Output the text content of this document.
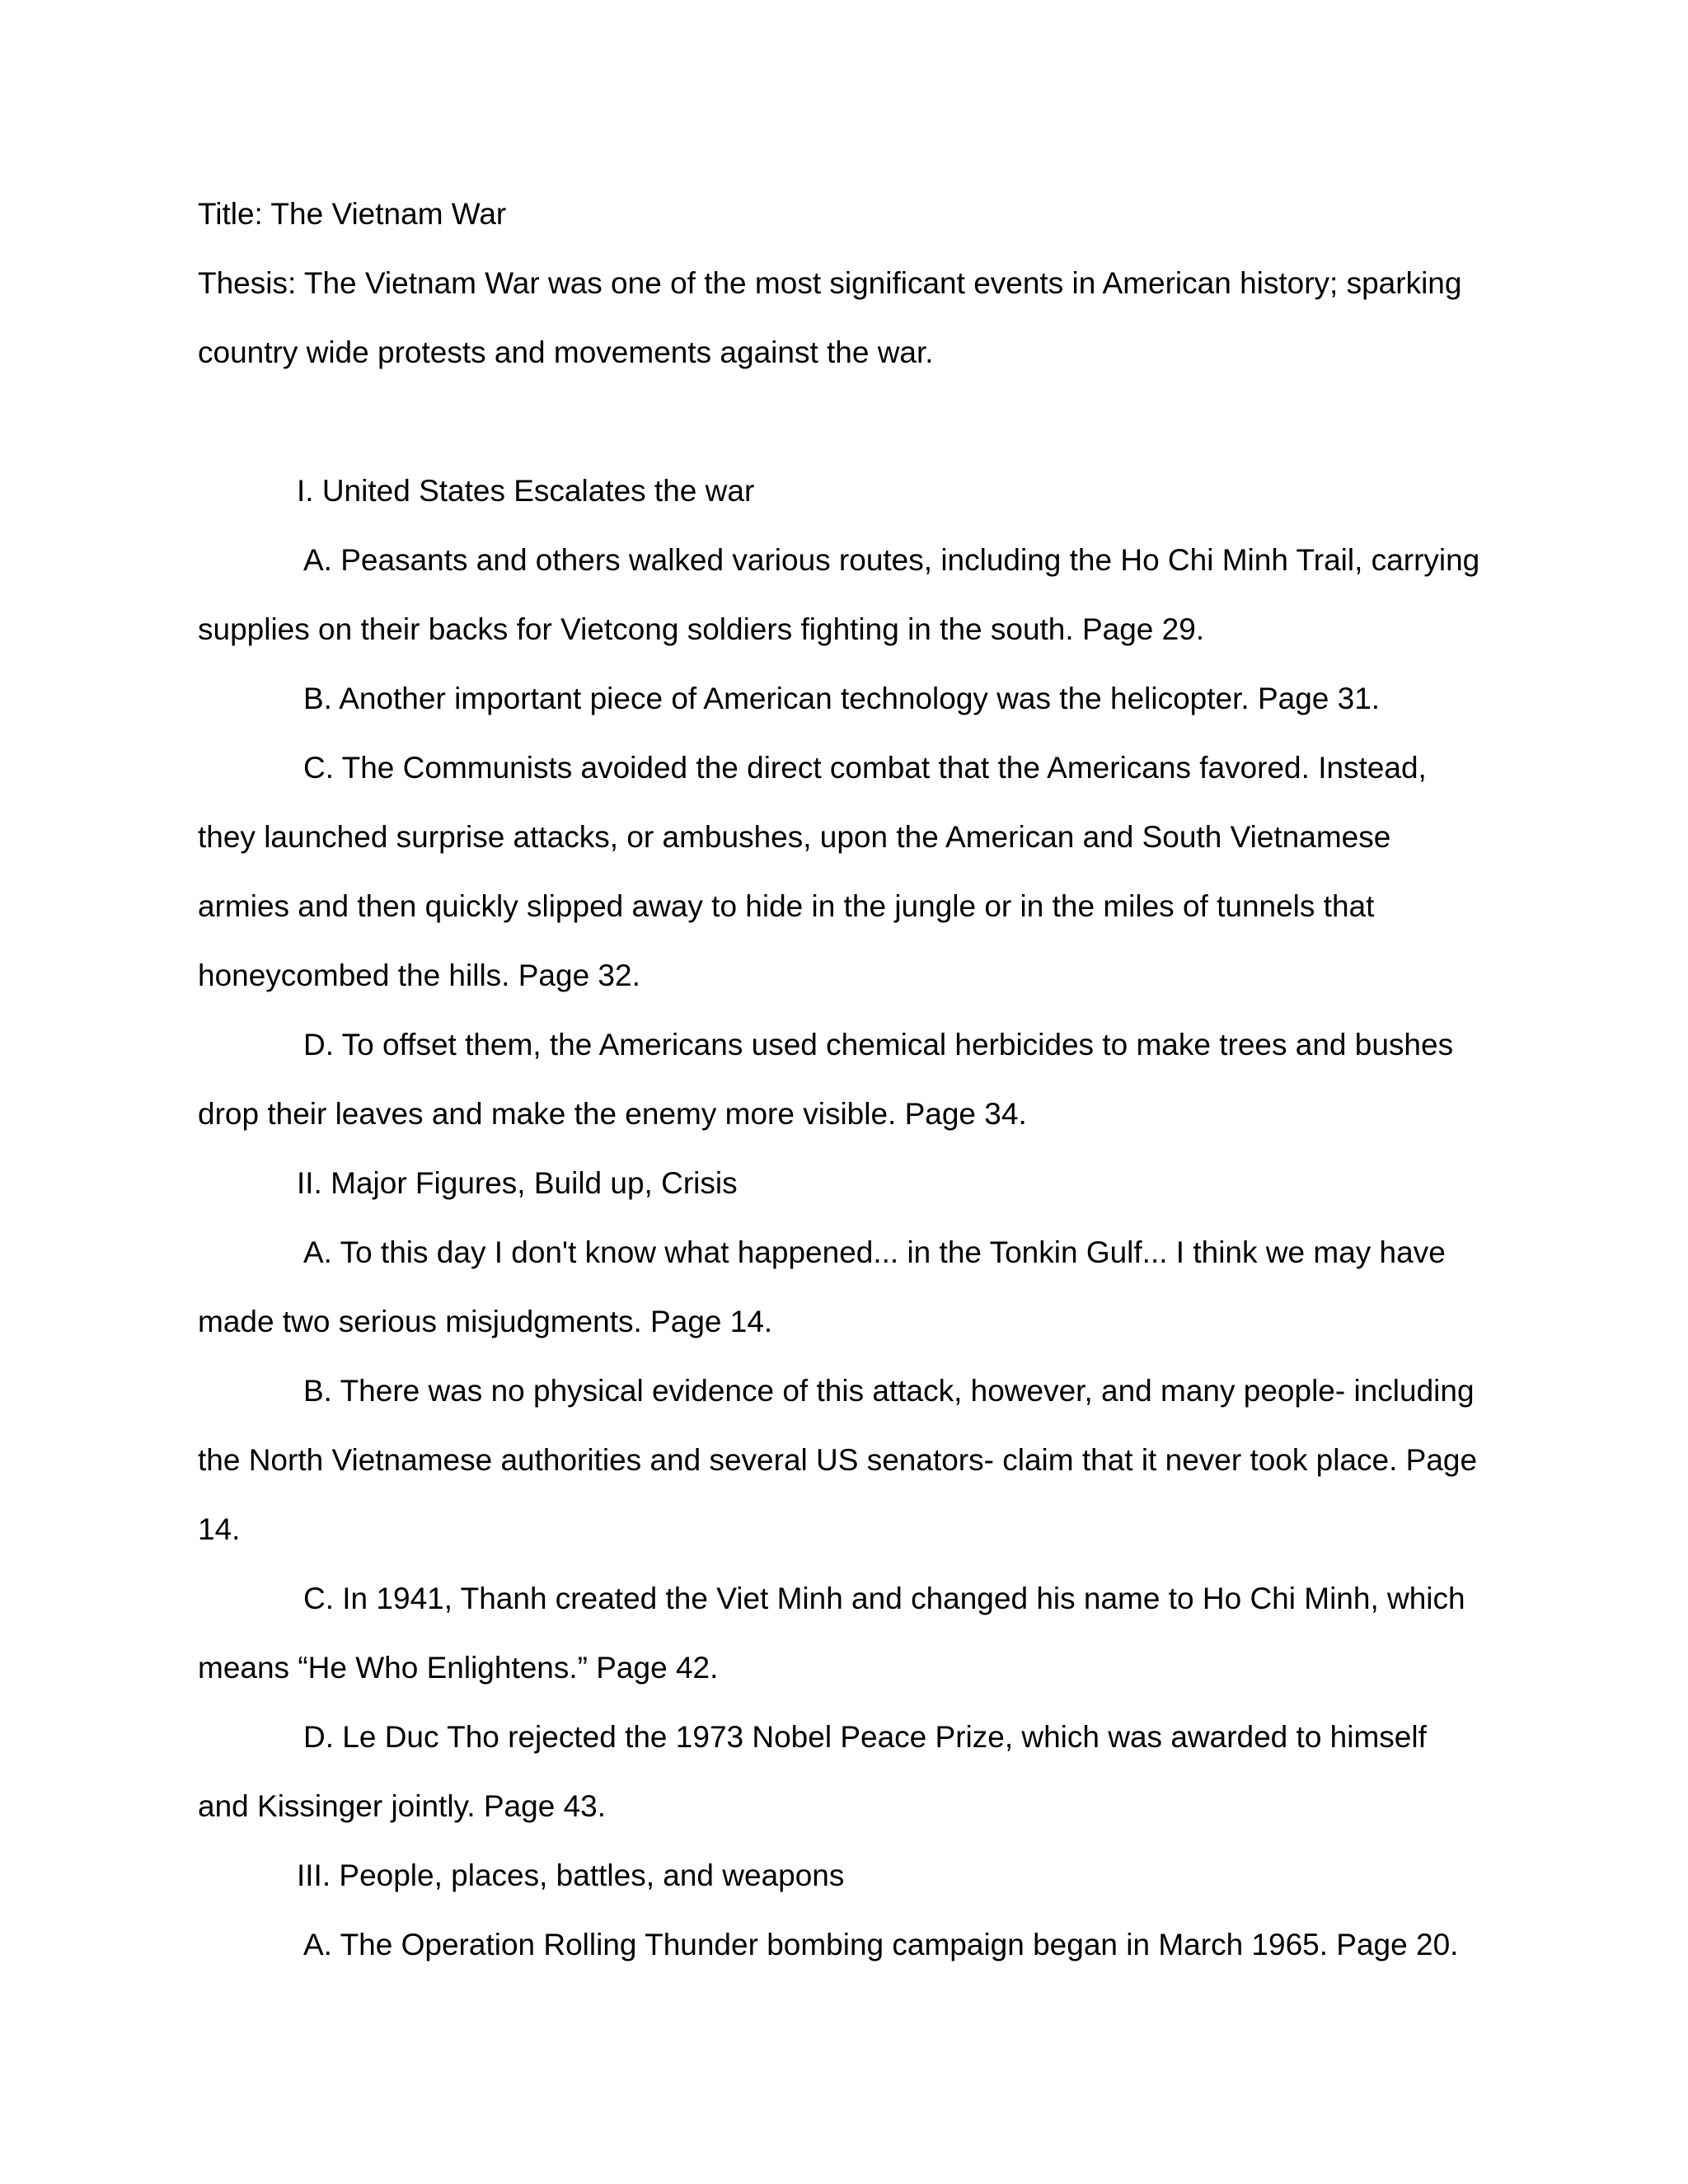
Title: The Vietnam War

Thesis: The Vietnam War was one of the most significant events in American history; sparking country wide protests and movements against the war.

I. United States Escalates the war

A. Peasants and others walked various routes, including the Ho Chi Minh Trail, carrying supplies on their backs for Vietcong soldiers fighting in the south. Page 29.

B. Another important piece of American technology was the helicopter. Page 31.

C. The Communists avoided the direct combat that the Americans favored. Instead, they launched surprise attacks, or ambushes, upon the American and South Vietnamese armies and then quickly slipped away to hide in the jungle or in the miles of tunnels that honeycombed the hills. Page 32.

D. To offset them, the Americans used chemical herbicides to make trees and bushes drop their leaves and make the enemy more visible. Page 34.

II. Major Figures, Build up, Crisis

A. To this day I don't know what happened... in the Tonkin Gulf... I think we may have made two serious misjudgments. Page 14.

B. There was no physical evidence of this attack, however, and many people- including the North Vietnamese authorities and several US senators- claim that it never took place. Page 14.

C. In 1941, Thanh created the Viet Minh and changed his name to Ho Chi Minh, which means “He Who Enlightens.” Page 42.

D. Le Duc Tho rejected the 1973 Nobel Peace Prize, which was awarded to himself and Kissinger jointly. Page 43.

III. People, places, battles, and weapons

A. The Operation Rolling Thunder bombing campaign began in March 1965. Page 20.
